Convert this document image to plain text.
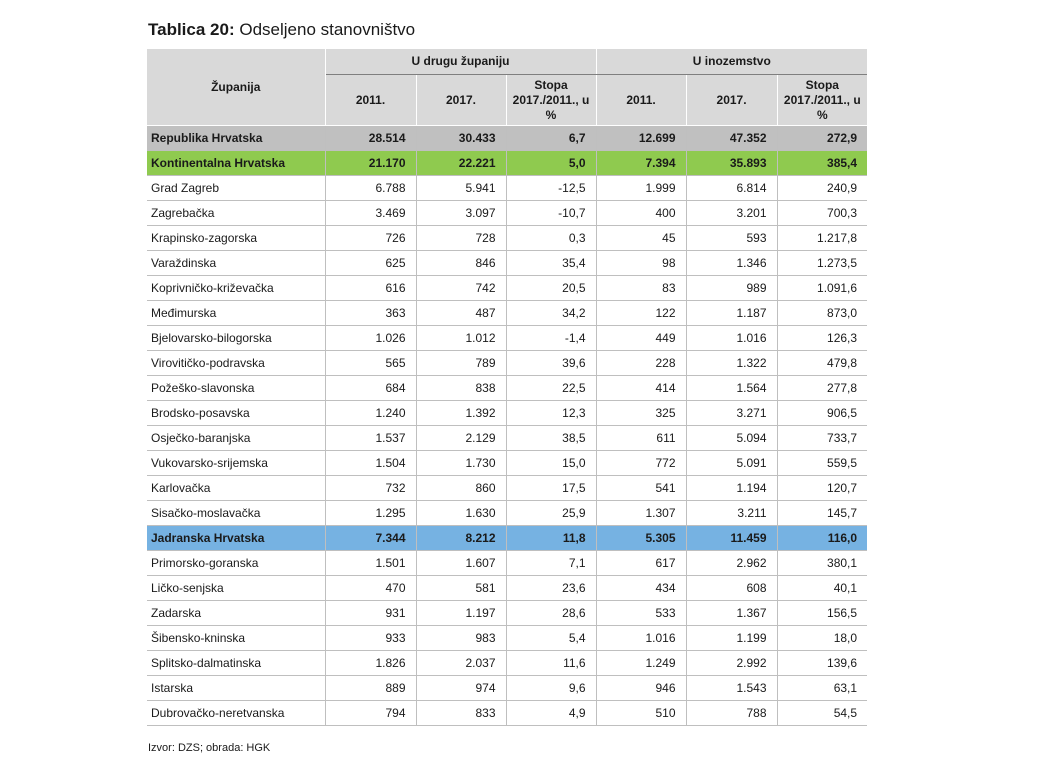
Tablica 20: Odseljeno stanovništvo
Županija	U drugu županiju			U inozemstvo		
	2011.	2017.	Stopa 2017./2011., u %	2011.	2017.	Stopa 2017./2011., u %
Republika Hrvatska	28.514	30.433	6,7	12.699	47.352	272,9
Kontinentalna Hrvatska	21.170	22.221	5,0	7.394	35.893	385,4
Grad Zagreb	6.788	5.941	-12,5	1.999	6.814	240,9
Zagrebačka	3.469	3.097	-10,7	400	3.201	700,3
Krapinsko-zagorska	726	728	0,3	45	593	1.217,8
Varaždinska	625	846	35,4	98	1.346	1.273,5
Koprivničko-križevačka	616	742	20,5	83	989	1.091,6
Međimurska	363	487	34,2	122	1.187	873,0
Bjelovarsko-bilogorska	1.026	1.012	-1,4	449	1.016	126,3
Virovitičko-podravska	565	789	39,6	228	1.322	479,8
Požeško-slavonska	684	838	22,5	414	1.564	277,8
Brodsko-posavska	1.240	1.392	12,3	325	3.271	906,5
Osječko-baranjska	1.537	2.129	38,5	611	5.094	733,7
Vukovarsko-srijemska	1.504	1.730	15,0	772	5.091	559,5
Karlovačka	732	860	17,5	541	1.194	120,7
Sisačko-moslavačka	1.295	1.630	25,9	1.307	3.211	145,7
Jadranska Hrvatska	7.344	8.212	11,8	5.305	11.459	116,0
Primorsko-goranska	1.501	1.607	7,1	617	2.962	380,1
Ličko-senjska	470	581	23,6	434	608	40,1
Zadarska	931	1.197	28,6	533	1.367	156,5
Šibensko-kninska	933	983	5,4	1.016	1.199	18,0
Splitsko-dalmatinska	1.826	2.037	11,6	1.249	2.992	139,6
Istarska	889	974	9,6	946	1.543	63,1
Dubrovačko-neretvanska	794	833	4,9	510	788	54,5
Izvor: DZS; obrada: HGK
